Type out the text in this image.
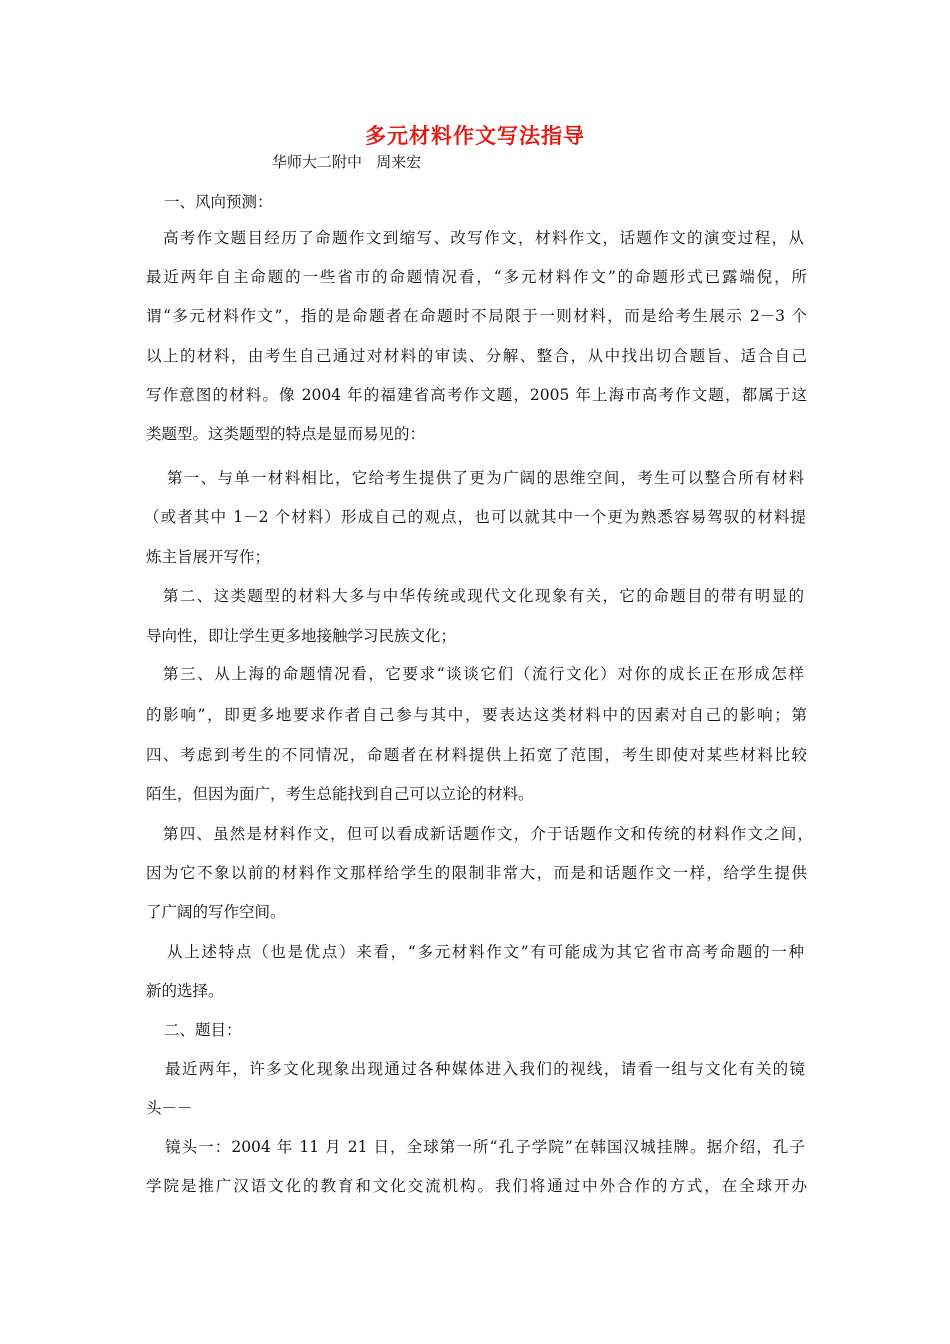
多元材料作文写法指导
华师大二附中   周来宏
一、风向预测：
高考作文题目经历了命题作文到缩写、改写作文，材料作文，话题作文的演变过程，从
最近两年自主命题的一些省市的命题情况看，“多元材料作文”的命题形式已露端倪，所
谓“多元材料作文”，指的是命题者在命题时不局限于一则材料，而是给考生展示 2－3 个
以上的材料，由考生自己通过对材料的审读、分解、整合，从中找出切合题旨、适合自己
写作意图的材料。像 2004 年的福建省高考作文题，2005 年上海市高考作文题，都属于这
类题型。这类题型的特点是显而易见的：
第一、与单一材料相比，它给考生提供了更为广阔的思维空间，考生可以整合所有材料
（或者其中 1－2 个材料）形成自己的观点，也可以就其中一个更为熟悉容易驾驭的材料提
炼主旨展开写作；
第二、这类题型的材料大多与中华传统或现代文化现象有关，它的命题目的带有明显的
导向性，即让学生更多地接触学习民族文化；
第三、从上海的命题情况看，它要求“谈谈它们（流行文化）对你的成长正在形成怎样
的影响”，即更多地要求作者自己参与其中，要表达这类材料中的因素对自己的影响；第
四、考虑到考生的不同情况，命题者在材料提供上拓宽了范围，考生即使对某些材料比较
陌生，但因为面广，考生总能找到自己可以立论的材料。
第四、虽然是材料作文，但可以看成新话题作文，介于话题作文和传统的材料作文之间，
因为它不象以前的材料作文那样给学生的限制非常大，而是和话题作文一样，给学生提供
了广阔的写作空间。
从上述特点（也是优点）来看，“多元材料作文”有可能成为其它省市高考命题的一种
新的选择。
二、题目：
最近两年，许多文化现象出现通过各种媒体进入我们的视线，请看一组与文化有关的镜
头－－
镜头一：2004 年 11 月 21 日，全球第一所“孔子学院”在韩国汉城挂牌。据介绍，孔子
学院是推广汉语文化的教育和文化交流机构。我们将通过中外合作的方式，在全球开办
